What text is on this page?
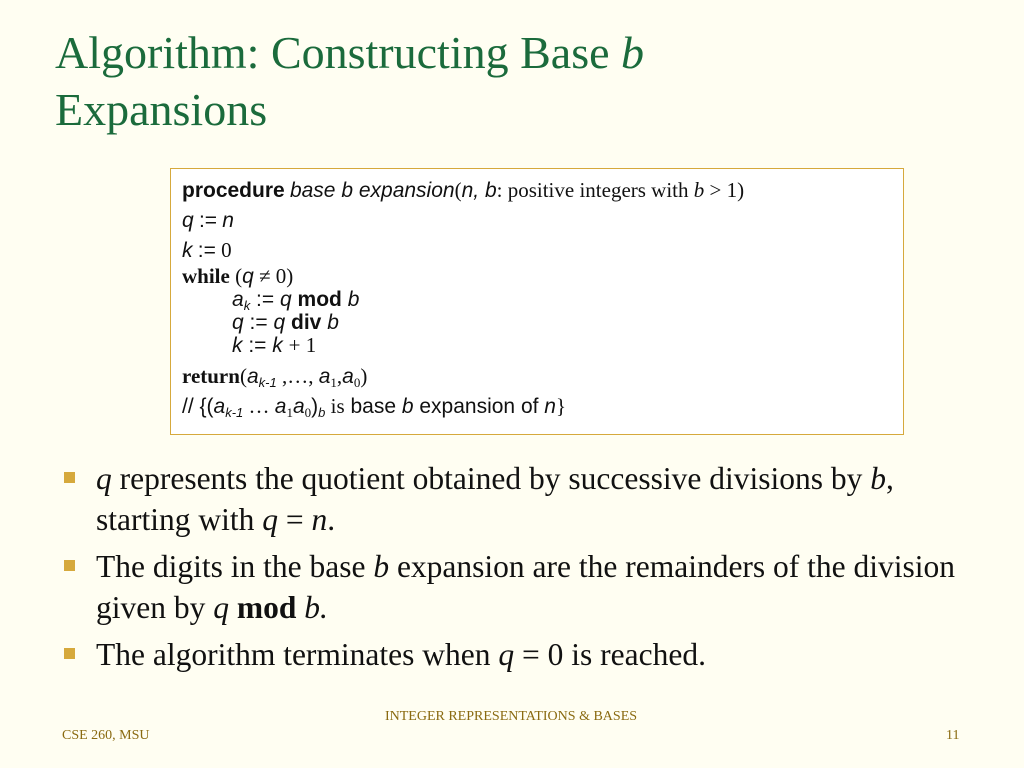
Algorithm: Constructing Base b
Expansions
procedure base b expansion(n, b: positive integers with b > 1)
q := n
k := 0
while (q ≠ 0)
$a_k$ := q mod b
q := q div b
k := k + 1
$return(a_{k-1}$ ,…, $a_1,a_0$)
// {($a_{k-1}$ … $a_1a_0)_b$ is base b expansion of n}
q represents the quotient obtained by successive divisions by b, starting with q = n.
The digits in the base b expansion are the remainders of the division given by q mod b.
The algorithm terminates when q = 0 is reached.
CSE 260, MSU
INTEGER REPRESENTATIONS & BASES
11
